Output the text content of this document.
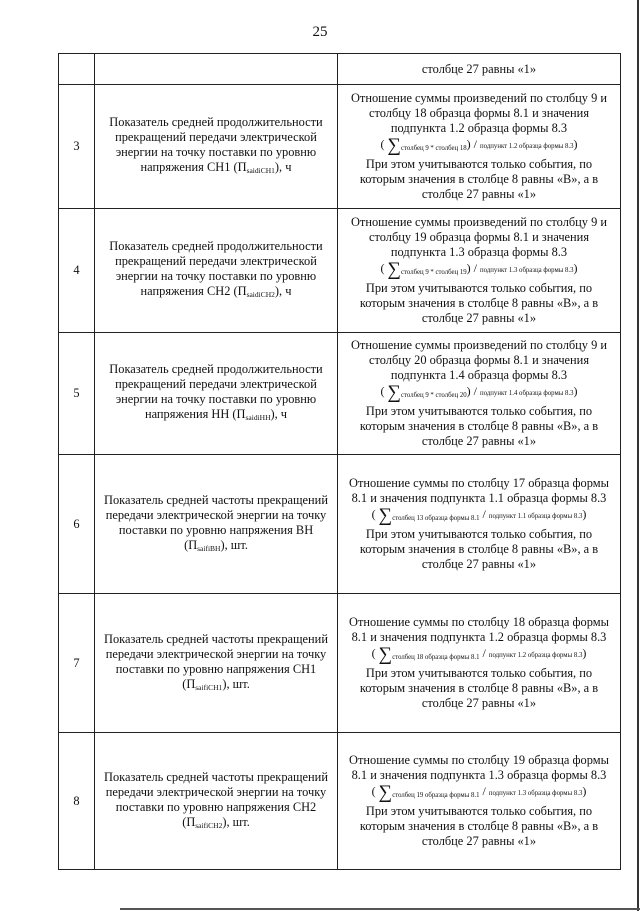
25
		столбце 27 равны «1»
3	Показатель средней продолжительности прекращений передачи электрической энергии на точку поставки по уровню напряжения СН1 (ПsaidiСН1), ч	Отношение суммы произведений по столбцу 9 и столбцу 18 образца формы 8.1 и значения подпункта 1.2 образца формы 8.3
( $\sum_{столбец 9 * столбец 18}$) / подпункт 1.2 образца формы 8.3)
При этом учитываются только события, по которым значения в столбце 8 равны «В», а в столбце 27 равны «1»

4	Показатель средней продолжительности прекращений передачи электрической энергии на точку поставки по уровню напряжения СН2 (ПsaidiСН2), ч	Отношение суммы произведений по столбцу 9 и столбцу 19 образца формы 8.1 и значения подпункта 1.3 образца формы 8.3
( $\sum_{столбец 9 * столбец 19}$) / подпункт 1.3 образца формы 8.3)
При этом учитываются только события, по которым значения в столбце 8 равны «В», а в столбце 27 равны «1»

5	Показатель средней продолжительности прекращений передачи электрической энергии на точку поставки по уровню напряжения НН (ПsaidiНН), ч	Отношение суммы произведений по столбцу 9 и столбцу 20 образца формы 8.1 и значения подпункта 1.4 образца формы 8.3
( $\sum_{столбец 9 * столбец 20}$) / подпункт 1.4 образца формы 8.3)
При этом учитываются только события, по которым значения в столбце 8 равны «В», а в столбце 27 равны «1»

6	Показатель средней частоты прекращений передачи электрической энергии на точку поставки по уровню напряжения ВН (ПsaifiВН), шт.	Отношение суммы по столбцу 17 образца формы 8.1 и значения подпункта 1.1 образца формы 8.3
( $\sum_{столбец 13 образца формы 8.1}$ / подпункт 1.1 образца формы 8.3)
При этом учитываются только события, по которым значения в столбце 8 равны «В», а в столбце 27 равны «1»

7	Показатель средней частоты прекращений передачи электрической энергии на точку поставки по уровню напряжения СН1 (ПsaifiСН1), шт.	Отношение суммы по столбцу 18 образца формы 8.1 и значения подпункта 1.2 образца формы 8.3
( $\sum_{столбец 18 образца формы 8.1}$ / подпункт 1.2 образца формы 8.3)
При этом учитываются только события, по которым значения в столбце 8 равны «В», а в столбце 27 равны «1»

8	Показатель средней частоты прекращений передачи электрической энергии на точку поставки по уровню напряжения СН2 (ПsaifiСН2), шт.	Отношение суммы по столбцу 19 образца формы 8.1 и значения подпункта 1.3 образца формы 8.3
( $\sum_{столбец 19 образца формы 8.1}$ / подпункт 1.3 образца формы 8.3)
При этом учитываются только события, по которым значения в столбце 8 равны «В», а в столбце 27 равны «1»
